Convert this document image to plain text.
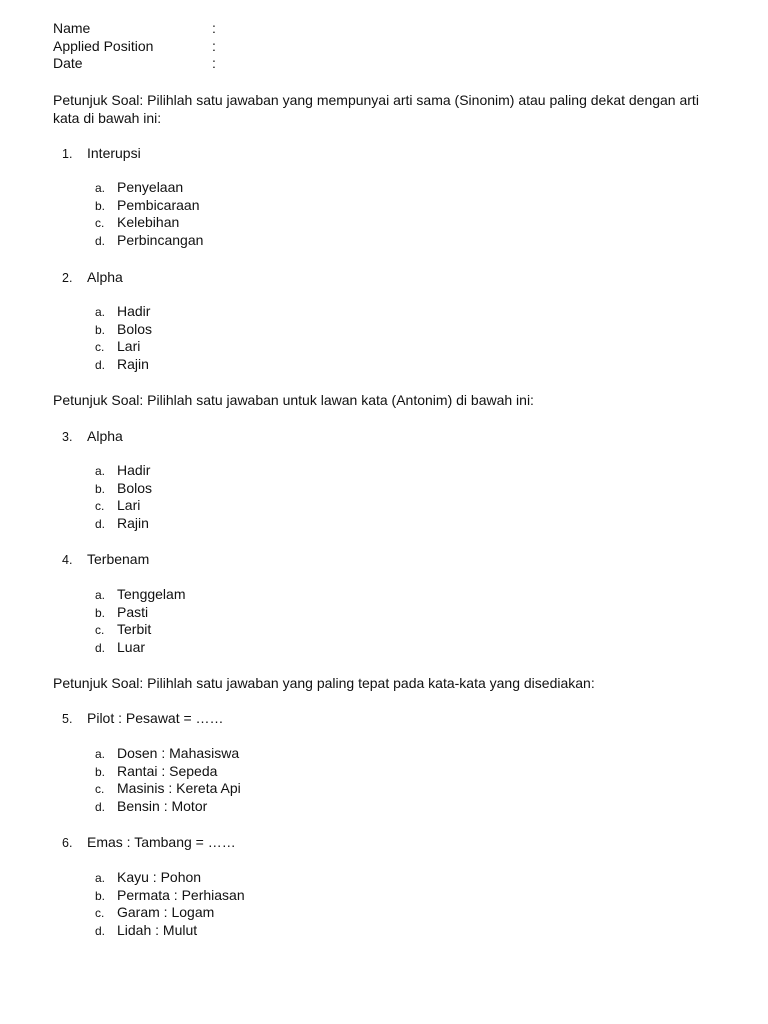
Name	:
Applied Position	:
Date	:
Petunjuk Soal: Pilihlah satu jawaban yang mempunyai arti sama (Sinonim) atau paling dekat dengan arti kata di bawah ini:
1. Interupsi
a. Penyelaan
b. Pembicaraan
c. Kelebihan
d. Perbincangan
2. Alpha
a. Hadir
b. Bolos
c. Lari
d. Rajin
Petunjuk Soal: Pilihlah satu jawaban untuk lawan kata (Antonim) di bawah ini:
3. Alpha
a. Hadir
b. Bolos
c. Lari
d. Rajin
4. Terbenam
a. Tenggelam
b. Pasti
c. Terbit
d. Luar
Petunjuk Soal: Pilihlah satu jawaban yang paling tepat pada kata-kata yang disediakan:
5. Pilot : Pesawat = ……
a. Dosen : Mahasiswa
b. Rantai : Sepeda
c. Masinis : Kereta Api
d. Bensin : Motor
6. Emas : Tambang = ……
a. Kayu : Pohon
b. Permata : Perhiasan
c. Garam : Logam
d. Lidah : Mulut
